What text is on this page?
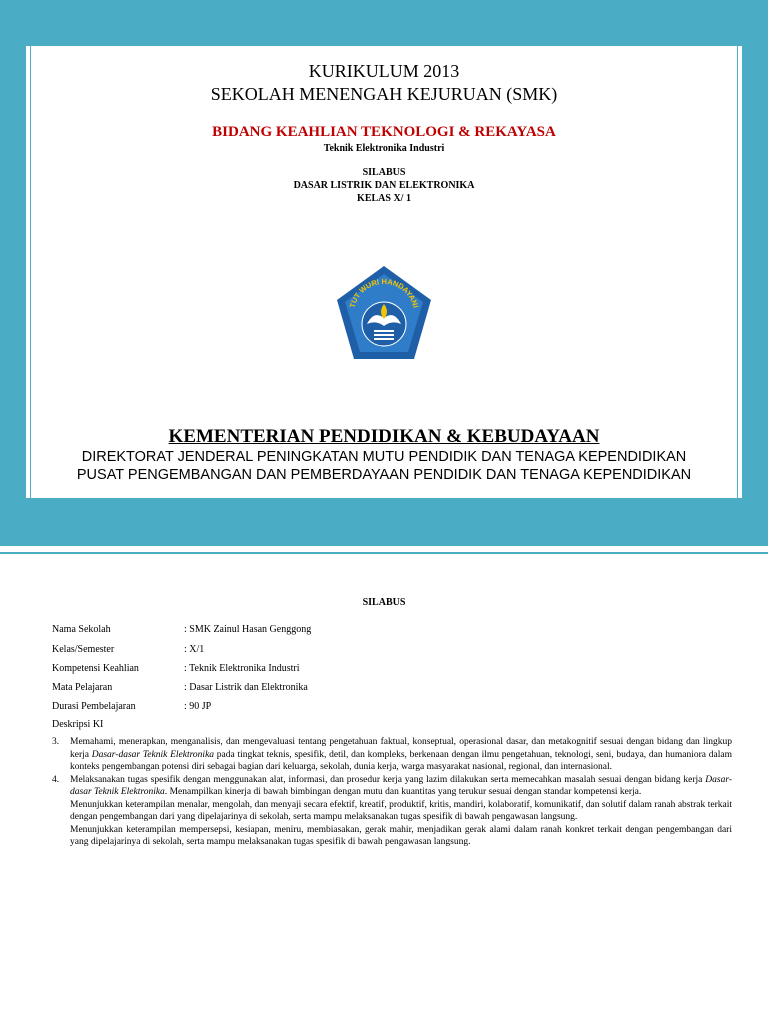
KURIKULUM 2013
SEKOLAH MENENGAH KEJURUAN (SMK)
BIDANG KEAHLIAN TEKNOLOGI & REKAYASA
Teknik Elektronika Industri
SILABUS
DASAR LISTRIK DAN ELEKTRONIKA
KELAS X/ 1
TUT WURI HANDAYANI
KEMENTERIAN PENDIDIKAN & KEBUDAYAAN
DIREKTORAT JENDERAL PENINGKATAN MUTU PENDIDIK DAN TENAGA KEPENDIDIKAN
PUSAT PENGEMBANGAN DAN PEMBERDAYAAN PENDIDIK DAN TENAGA KEPENDIDIKAN
SILABUS
Nama Sekolah	: SMK Zainul Hasan Genggong
Kelas/Semester	: X/1
Kompetensi Keahlian	: Teknik Elektronika Industri
Mata Pelajaran	: Dasar Listrik dan Elektronika
Durasi Pembelajaran	: 90 JP
Deskripsi KI
3. Memahami, menerapkan, menganalisis, dan mengevaluasi tentang pengetahuan faktual, konseptual, operasional dasar, dan metakognitif sesuai dengan bidang dan lingkup kerja Dasar-dasar Teknik Elektronika pada tingkat teknis, spesifik, detil, dan kompleks, berkenaan dengan ilmu pengetahuan, teknologi, seni, budaya, dan humaniora dalam konteks pengembangan potensi diri sebagai bagian dari keluarga, sekolah, dunia kerja, warga masyarakat nasional, regional, dan internasional.
4. Melaksanakan tugas spesifik dengan menggunakan alat, informasi, dan prosedur kerja yang lazim dilakukan serta memecahkan masalah sesuai dengan bidang kerja Dasar-dasar Teknik Elektronika. Menampilkan kinerja di bawah bimbingan dengan mutu dan kuantitas yang terukur sesuai dengan standar kompetensi kerja.
Menunjukkan keterampilan menalar, mengolah, dan menyaji secara efektif, kreatif, produktif, kritis, mandiri, kolaboratif, komunikatif, dan solutif dalam ranah abstrak terkait dengan pengembangan dari yang dipelajarinya di sekolah, serta mampu melaksanakan tugas spesifik di bawah pengawasan langsung.
Menunjukkan keterampilan mempersepsi, kesiapan, meniru, membiasakan, gerak mahir, menjadikan gerak alami dalam ranah konkret terkait dengan pengembangan dari yang dipelajarinya di sekolah, serta mampu melaksanakan tugas spesifik di bawah pengawasan langsung.
